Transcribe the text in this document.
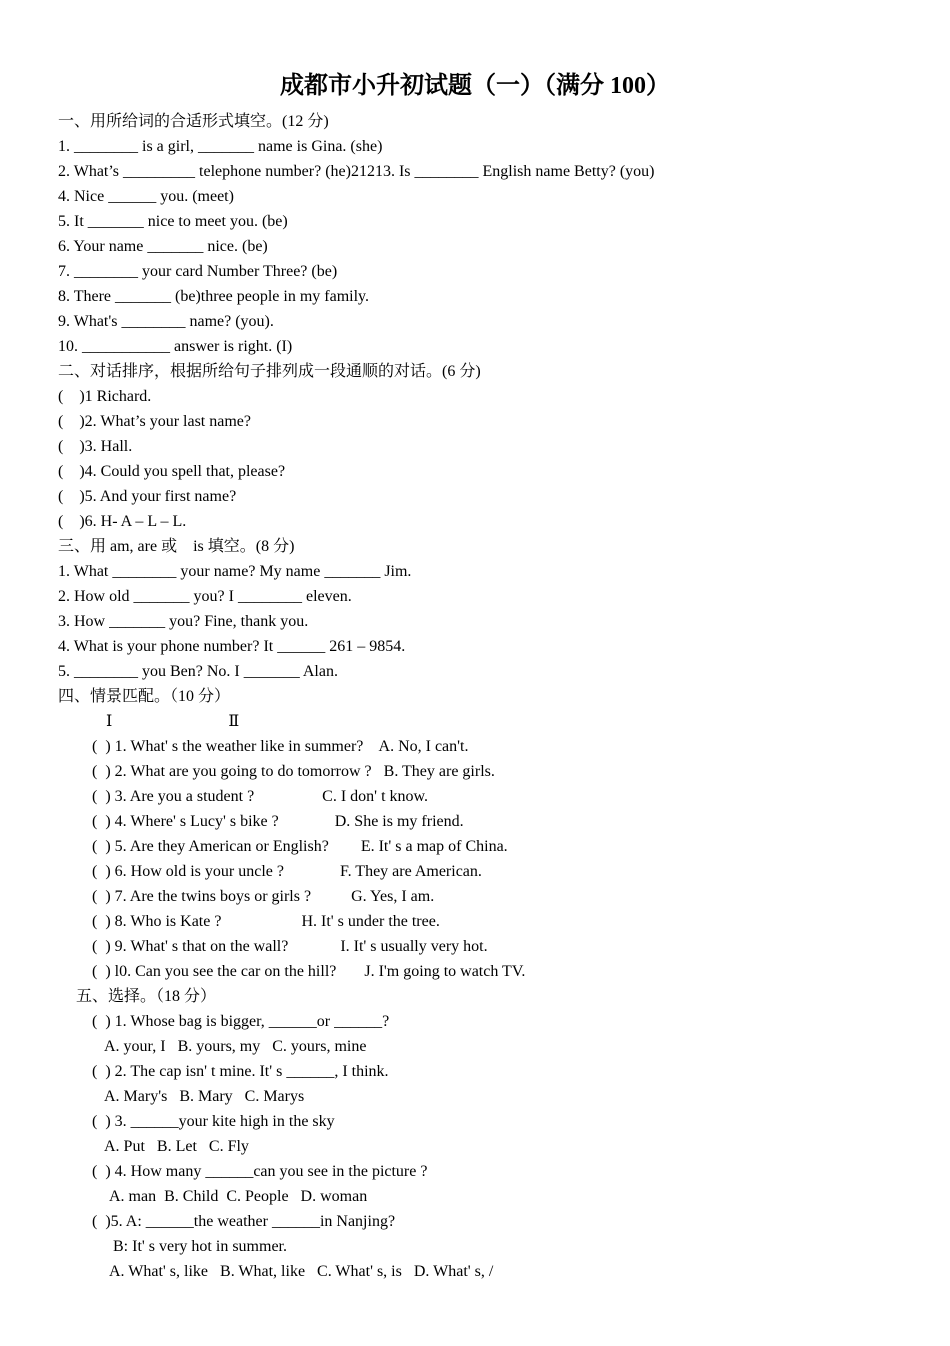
成都市小升初试题（一）（满分 100）
一、用所给词的合适形式填空。(12 分)
1. ________ is a girl, _______ name is Gina. (she)
2. What’s _________ telephone number? (he)21213. Is ________ English name Betty? (you)
4. Nice ______ you. (meet)
5. It _______ nice to meet you. (be)
6. Your name _______ nice. (be)
7. ________ your card Number Three? (be)
8. There _______ (be)three people in my family.
9. What's ________ name? (you).
10. ___________ answer is right. (I)
二、对话排序，根据所给句子排列成一段通顺的对话。(6 分)
(    )1 Richard.
(    )2. What’s your last name?
(    )3. Hall.
(    )4. Could you spell that, please?
(    )5. And your first name?
(    )6. H- A – L – L.
三、用 am, are 或    is 填空。(8 分)
1. What ________ your name? My name _______ Jim.
2. How old _______ you? I ________ eleven.
3. How _______ you? Fine, thank you.
4. What is your phone number? It ______ 261 – 9854.
5. ________ you Ben? No. I _______ Alan.
四、情景匹配。（10 分）
Ⅰ                             Ⅱ
(  ) 1. What' s the weather like in summer?    A. No, I can't.
(  ) 2. What are you going to do tomorrow ?   B. They are girls.
(  ) 3. Are you a student ?                 C. I don' t know.
(  ) 4. Where' s Lucy' s bike ?              D. She is my friend.
(  ) 5. Are they American or English?        E. It' s a map of China.
(  ) 6. How old is your uncle ?              F. They are American.
(  ) 7. Are the twins boys or girls ?          G. Yes, I am.
(  ) 8. Who is Kate ?                    H. It' s under the tree.
(  ) 9. What' s that on the wall?             I. It' s usually very hot.
(  ) l0. Can you see the car on the hill?       J. I'm going to watch TV.
五、选择。（18 分）
(  ) 1. Whose bag is bigger, ______or ______?
A. your, I   B. yours, my   C. yours, mine
(  ) 2. The cap isn' t mine. It' s ______, I think.
A. Mary's   B. Mary   C. Marys
(  ) 3. ______your kite high in the sky
A. Put   B. Let   C. Fly
(  ) 4. How many ______can you see in the picture ?
A. man  B. Child  C. People   D. woman
(  )5. A: ______the weather ______in Nanjing?
B: It' s very hot in summer.
A. What' s, like   B. What, like   C. What' s, is   D. What' s, /
